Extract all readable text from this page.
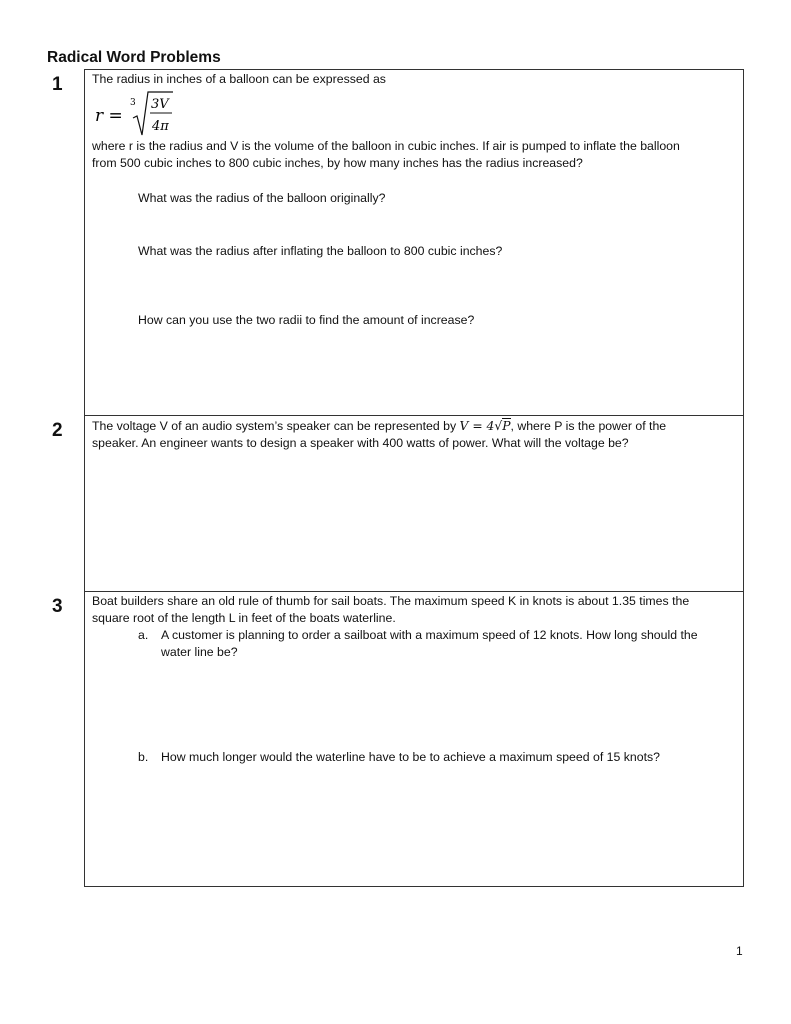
Radical Word Problems
1 The radius in inches of a balloon can be expressed as
r =
3 3V
4π
where r is the radius and V is the volume of the balloon in cubic inches. If air is pumped to inflate the balloon
from 500 cubic inches to 800 cubic inches, by how many inches has the radius increased?
What was the radius of the balloon originally?
What was the radius after inflating the balloon to 800 cubic inches?
How can you use the two radii to find the amount of increase?
2 The voltage V of an audio system’s speaker can be represented by V = 4√P, where P is the power of the
speaker. An engineer wants to design a speaker with 400 watts of power. What will the voltage be?
3 Boat builders share an old rule of thumb for sail boats. The maximum speed K in knots is about 1.35 times the
square root of the length L in feet of the boats waterline.
a. A customer is planning to order a sailboat with a maximum speed of 12 knots. How long should the
water line be?
b. How much longer would the waterline have to be to achieve a maximum speed of 15 knots?
1
